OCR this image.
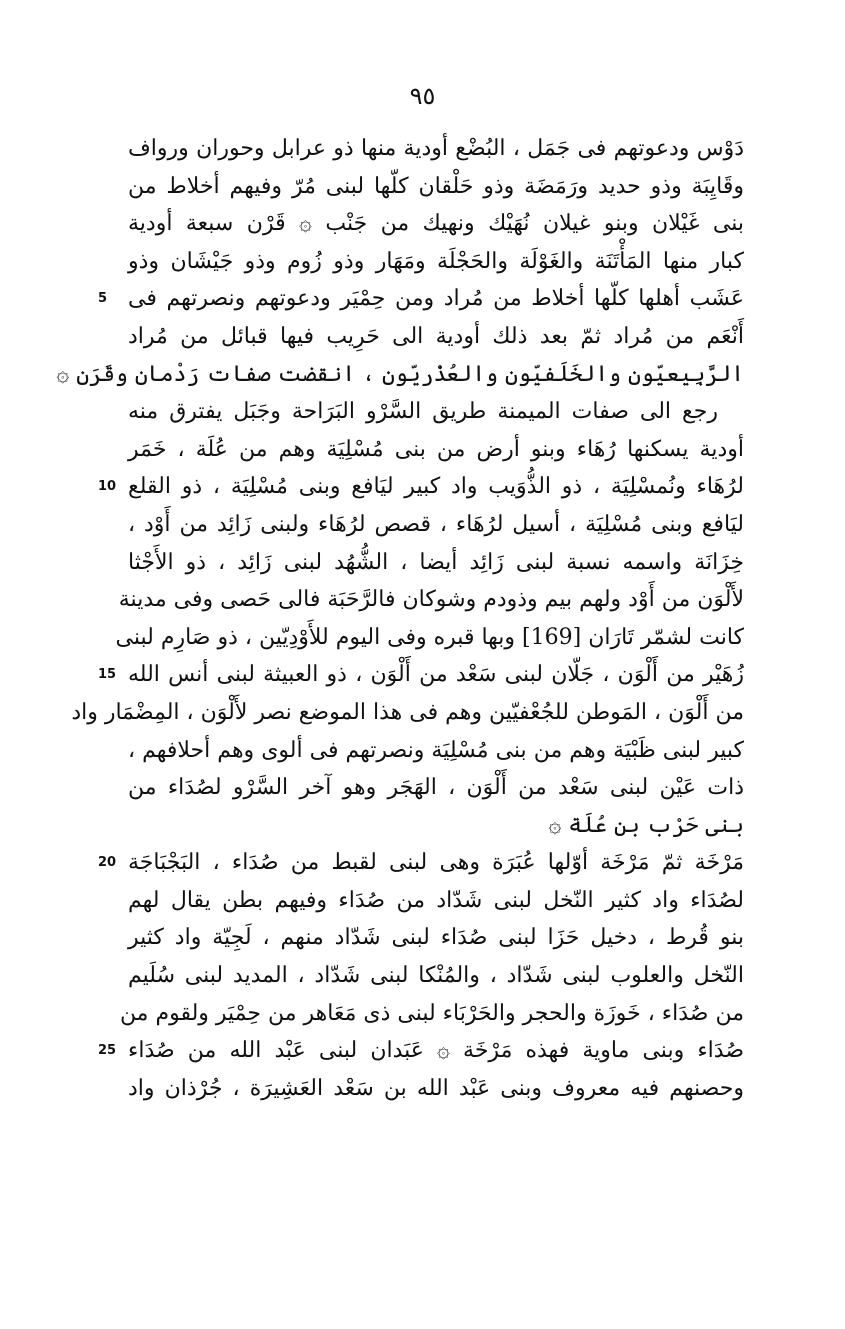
٩٥
دَوْس ودعوتهم فى جَمَل ، البُضْع أودية منها ذو عرابل وحوران ورواف
وقَايِبَة وذو حديد ورَمَضَة وذو حَلْقان كلّها لبنى مُرّ وفيهم أخلاط من
بنى غَيْلان وبنو غيلان نُهَيْك ونهيك من جَنْب ۞ قَرْن سبعة أودية
كبار منها المَأْتَنَة والغَوْلَة والحَجْلَة ومَهَار وذو زُوم وذو جَيْشَان وذو
عَشَب أهلها كلّها أخلاط من مُراد ومن حِمْيَر ودعوتهم ونصرتهم فى
5
أَنْعَم من مُراد ثمّ بعد ذلك أودية الى حَرِيب فيها قبائل من مُراد
الرَّبِيعيّون والخَلَفيّون والعُذْريّون ، انقضت صفات رَدْمان وقَرَن ۞
رجع الى صفات الميمنة طريق السَّرْو البَرَاحة وجَبَل يفترق منه
أودية يسكنها رُهَاء وبنو أرض من بنى مُسْلِيَة وهم من عُلَة ، خَمَر
لرُهَاء ونُمسْلِيَة ، ذو الذُّوَيب واد كبير ليَافع وبنى مُسْلِيَة ، ذو القلع
10
ليَافع وبنى مُسْلِيَة ، أسيل لرُهَاء ، قصص لرُهَاء ولبنى زَائِد من أَوْد ،
خِزَانَة واسمه نسبة لبنى زَائِد أيضا ، الشُّهُد لبنى زَائِد ، ذو الأَجْثا
لأَلْوَن من أَوْد ولهم بيم وذودم وشوكان فالرَّحَبَة فالى حَصى وفى مدينة
كانت لشمّر تَارَان [169] وبها قبره وفى اليوم للأَوْدِيّين ، ذو صَارِم لبنى
زُهَيْر من أَلْوَن ، جَلّان لبنى سَعْد من أَلْوَن ، ذو العبيثة لبنى أنس الله
15
من أَلْوَن ، المَوطن للجُعْفيّين وهم فى هذا الموضع نصر لأَلْوَن ، المِضْمَار واد
كبير لبنى ظَبْيَة وهم من بنى مُسْلِيَة ونصرتهم فى ألوى وهم أحلافهم ،
ذات عَيْن لبنى سَعْد من أَلْوَن ، الهَجَر وهو آخر السَّرْو لصُدَاء من
بنى حَرْب بن عُلَة ۞
مَرْخَة ثمّ مَرْخَة أوّلها عُبَرَة وهى لبنى لقبط من صُدَاء ، البَجْبَاجَة
20
لصُدَاء واد كثير النّخل لبنى شَدّاد من صُدَاء وفيهم بطن يقال لهم
بنو قُرط ، دخيل حَزَا لبنى صُدَاء لبنى شَدّاد منهم ، لَجِيّة واد كثير
النّخل والعلوب لبنى شَدّاد ، والمُنْكا لبنى شَدّاد ، المديد لبنى سُلَيم
من صُدَاء ، خَوزَة والحجر والحَرْبَاء لبنى ذى مَعَاهر من حِمْيَر ولقوم من
صُدَاء وبنى ماوية فهذه مَرْخَة ۞ عَبَدان لبنى عَبْد الله من صُدَاء
25
وحصنهم فيه معروف وبنى عَبْد الله بن سَعْد العَشِيرَة ، جُرْذان واد
